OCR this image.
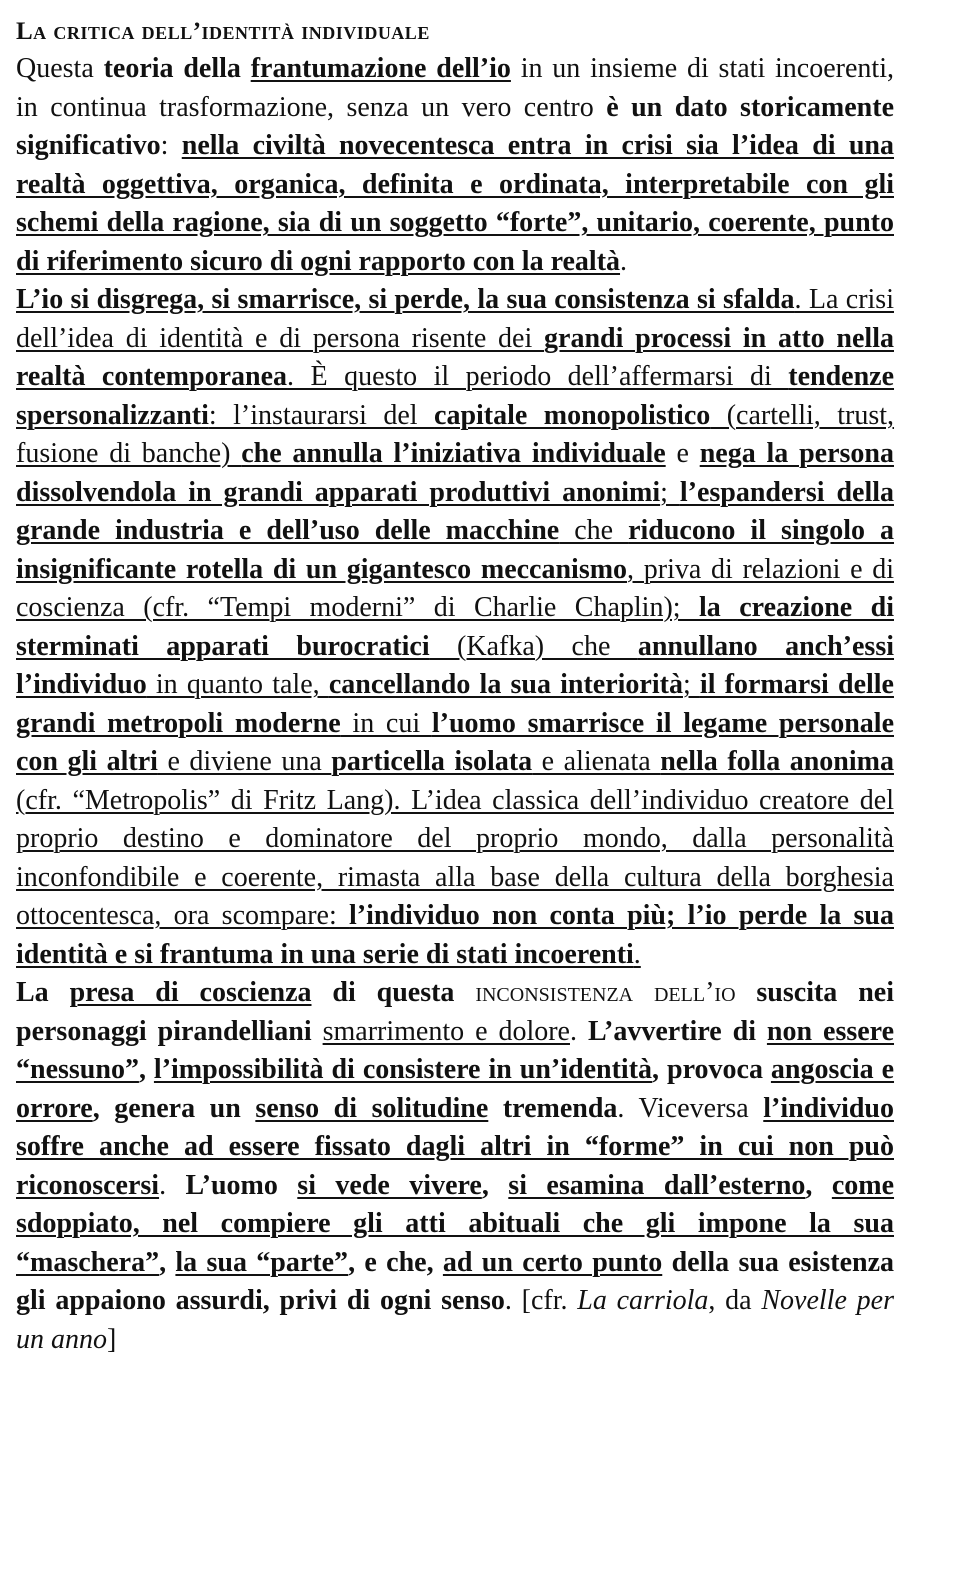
La critica dell’identità individuale

Questa teoria della frantumazione dell’io in un insieme di stati incoerenti, in continua trasformazione, senza un vero centro è un dato storicamente significativo: nella civiltà novecentesca entra in crisi sia l’idea di una realtà oggettiva, organica, definita e ordinata, interpretabile con gli schemi della ragione, sia di un soggetto “forte”, unitario, coerente, punto di riferimento sicuro di ogni rapporto con la realtà.

L’io si disgrega, si smarrisce, si perde, la sua consistenza si sfalda. La crisi dell’idea di identità e di persona risente dei grandi processi in atto nella realtà contemporanea. È questo il periodo dell’affermarsi di tendenze spersonalizzanti: l’instaurarsi del capitale monopolistico (cartelli, trust, fusione di banche) che annulla l’iniziativa individuale e nega la persona dissolvendola in grandi apparati produttivi anonimi; l’espandersi della grande industria e dell’uso delle macchine che riducono il singolo a insignificante rotella di un gigantesco meccanismo, priva di relazioni e di coscienza (cfr. “Tempi moderni” di Charlie Chaplin); la creazione di sterminati apparati burocratici (Kafka) che annullano anch’essi l’individuo in quanto tale, cancellando la sua interiorità; il formarsi delle grandi metropoli moderne in cui l’uomo smarrisce il legame personale con gli altri e diviene una particella isolata e alienata nella folla anonima (cfr. “Metropolis” di Fritz Lang). L’idea classica dell’individuo creatore del proprio destino e dominatore del proprio mondo, dalla personalità inconfondibile e coerente, rimasta alla base della cultura della borghesia ottocentesca, ora scompare: l’individuo non conta più; l’io perde la sua identità e si frantuma in una serie di stati incoerenti.

La presa di coscienza di questa inconsistenza dell’io suscita nei personaggi pirandelliani smarrimento e dolore. L’avvertire di non essere “nessuno”, l’impossibilità di consistere in un’identità, provoca angoscia e orrore, genera un senso di solitudine tremenda. Viceversa l’individuo soffre anche ad essere fissato dagli altri in “forme” in cui non può riconoscersi. L’uomo si vede vivere, si esamina dall’esterno, come sdoppiato, nel compiere gli atti abituali che gli impone la sua “maschera”, la sua “parte”, e che, ad un certo punto della sua esistenza gli appaiono assurdi, privi di ogni senso. [cfr. La carriola, da Novelle per un anno]
